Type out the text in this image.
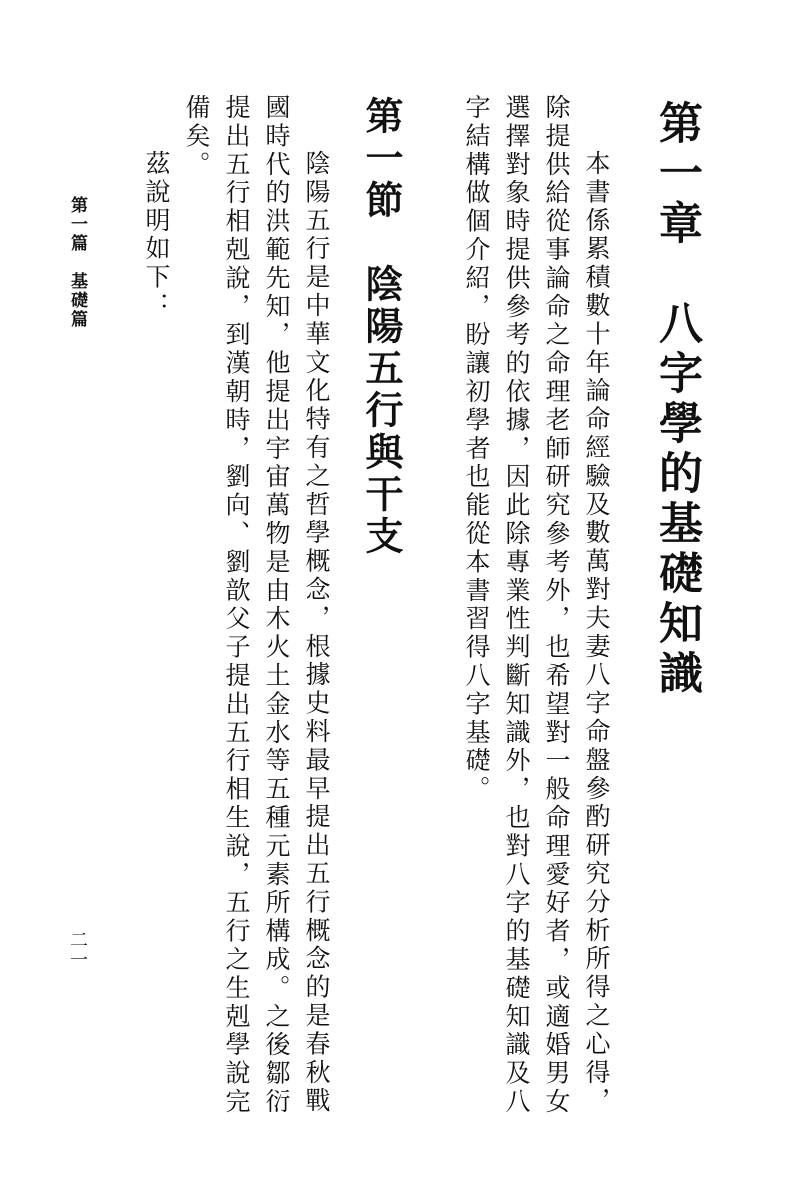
第一章　八字學的基礎知識

本書係累積數十年論命經驗及數萬對夫妻八字命盤參酌研究分析所得之心得，

除提供給從事論命之命理老師研究參考外，也希望對一般命理愛好者，或適婚男女

選擇對象時提供參考的依據，因此除專業性判斷知識外，也對八字的基礎知識及八

字結構做個介紹，盼讓初學者也能從本書習得八字基礎。

第一節　陰陽五行與干支

陰陽五行是中華文化特有之哲學概念，根據史料最早提出五行概念的是春秋戰

國時代的洪範先知，他提出宇宙萬物是由木火土金水等五種元素所構成。之後鄒衍

提出五行相剋說，到漢朝時，劉向、劉歆父子提出五行相生說，五行之生剋學說完

備矣。

茲說明如下：

第一篇　基礎篇
二一
